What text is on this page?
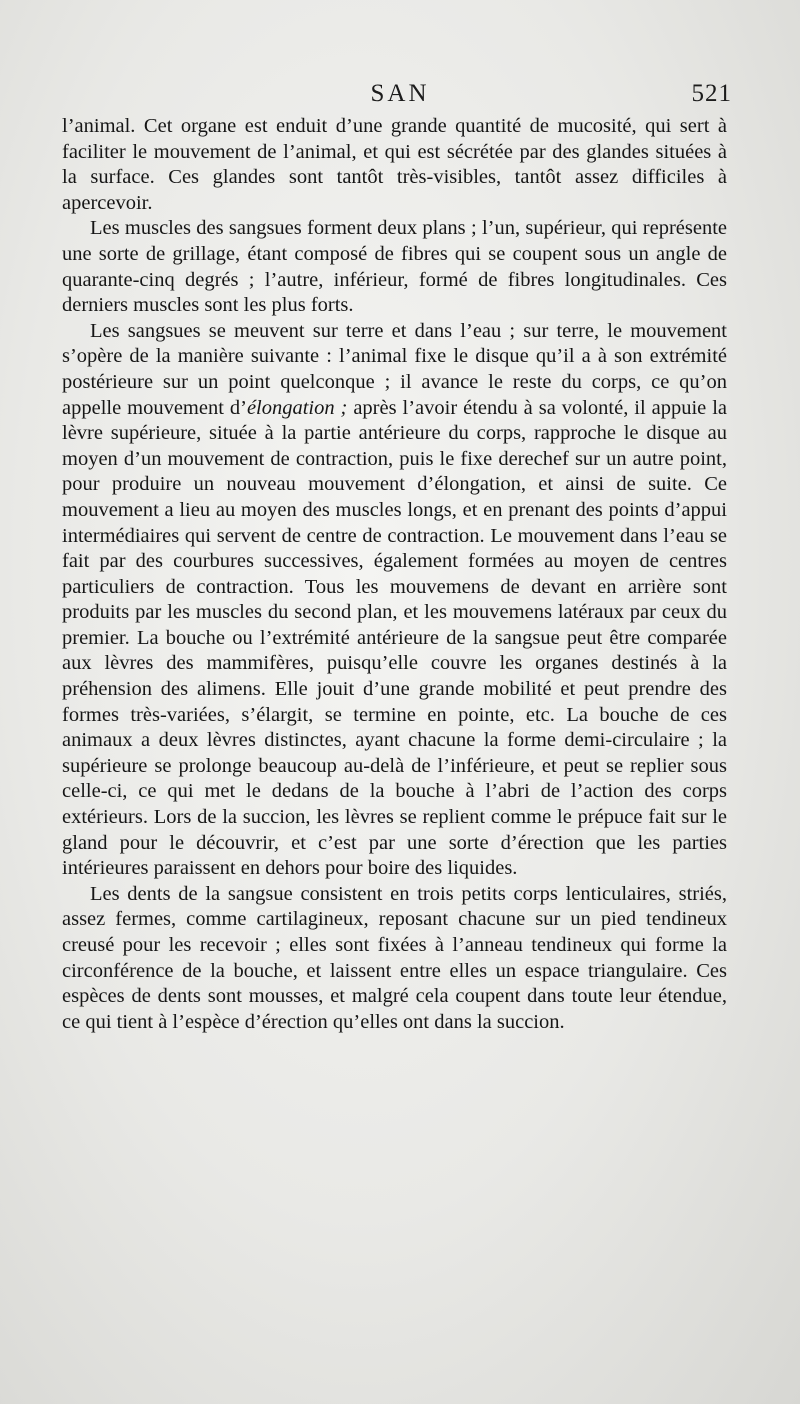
SAN	521

l’animal. Cet organe est enduit d’une grande quantité de mucosité, qui sert à faciliter le mouvement de l’animal, et qui est sécrétée par des glandes situées à la surface. Ces glandes sont tantôt très-visibles, tantôt assez difficiles à apercevoir.

Les muscles des sangsues forment deux plans ; l’un, supérieur, qui représente une sorte de grillage, étant composé de fibres qui se coupent sous un angle de quarante-cinq degrés ; l’autre, inférieur, formé de fibres longitudinales. Ces derniers muscles sont les plus forts.

Les sangsues se meuvent sur terre et dans l’eau ; sur terre, le mouvement s’opère de la manière suivante : l’animal fixe le disque qu’il a à son extrémité postérieure sur un point quelconque ; il avance le reste du corps, ce qu’on appelle mouvement d’élongation ; après l’avoir étendu à sa volonté, il appuie la lèvre supérieure, située à la partie antérieure du corps, rapproche le disque au moyen d’un mouvement de contraction, puis le fixe derechef sur un autre point, pour produire un nouveau mouvement d’élongation, et ainsi de suite. Ce mouvement a lieu au moyen des muscles longs, et en prenant des points d’appui intermédiaires qui servent de centre de contraction. Le mouvement dans l’eau se fait par des courbures successives, également formées au moyen de centres particuliers de contraction. Tous les mouvemens de devant en arrière sont produits par les muscles du second plan, et les mouvemens latéraux par ceux du premier. La bouche ou l’extrémité antérieure de la sangsue peut être comparée aux lèvres des mammifères, puisqu’elle couvre les organes destinés à la préhension des alimens. Elle jouit d’une grande mobilité et peut prendre des formes très-variées, s’élargit, se termine en pointe, etc. La bouche de ces animaux a deux lèvres distinctes, ayant chacune la forme demi-circulaire ; la supérieure se prolonge beaucoup au-delà de l’inférieure, et peut se replier sous celle-ci, ce qui met le dedans de la bouche à l’abri de l’action des corps extérieurs. Lors de la succion, les lèvres se replient comme le prépuce fait sur le gland pour le découvrir, et c’est par une sorte d’érection que les parties intérieures paraissent en dehors pour boire des liquides.

Les dents de la sangsue consistent en trois petits corps lenticulaires, striés, assez fermes, comme cartilagineux, reposant chacune sur un pied tendineux creusé pour les recevoir ; elles sont fixées à l’anneau tendineux qui forme la circonférence de la bouche, et laissent entre elles un espace triangulaire. Ces espèces de dents sont mousses, et malgré cela coupent dans toute leur étendue, ce qui tient à l’espèce d’érection qu’elles ont dans la succion.
